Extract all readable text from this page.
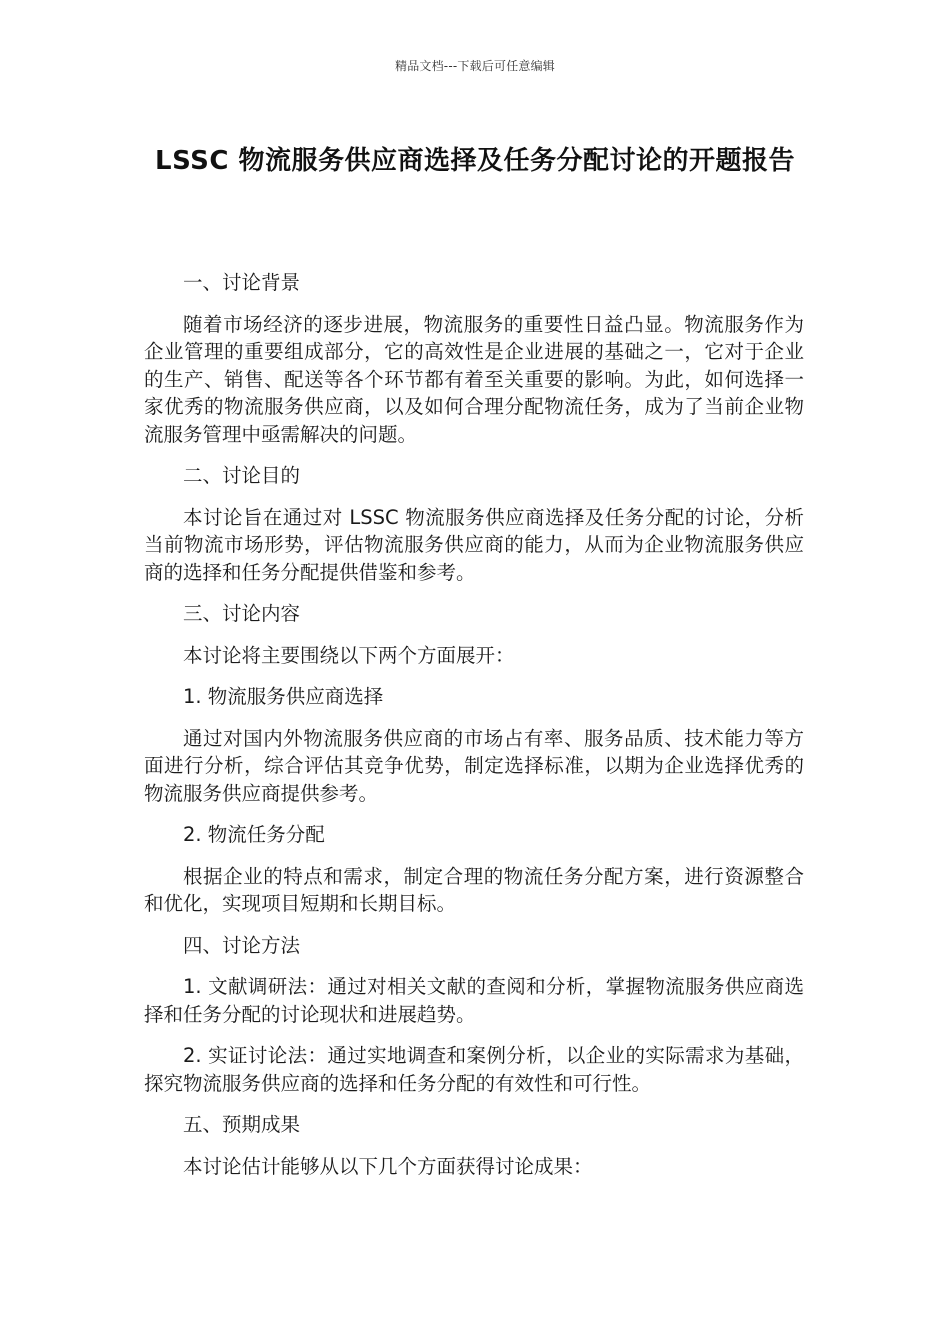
精品文档---下载后可任意编辑
LSSC 物流服务供应商选择及任务分配讨论的开题报告

一、讨论背景

随着市场经济的逐步进展，物流服务的重要性日益凸显。物流服务作为企业管理的重要组成部分，它的高效性是企业进展的基础之一，它对于企业的生产、销售、配送等各个环节都有着至关重要的影响。为此，如何选择一家优秀的物流服务供应商，以及如何合理分配物流任务，成为了当前企业物流服务管理中亟需解决的问题。

二、讨论目的

本讨论旨在通过对 LSSC 物流服务供应商选择及任务分配的讨论，分析当前物流市场形势，评估物流服务供应商的能力，从而为企业物流服务供应商的选择和任务分配提供借鉴和参考。

三、讨论内容

本讨论将主要围绕以下两个方面展开：

1. 物流服务供应商选择

通过对国内外物流服务供应商的市场占有率、服务品质、技术能力等方面进行分析，综合评估其竞争优势，制定选择标准，以期为企业选择优秀的物流服务供应商提供参考。

2. 物流任务分配

根据企业的特点和需求，制定合理的物流任务分配方案，进行资源整合和优化，实现项目短期和长期目标。

四、讨论方法

1. 文献调研法：通过对相关文献的查阅和分析，掌握物流服务供应商选择和任务分配的讨论现状和进展趋势。

2. 实证讨论法：通过实地调查和案例分析，以企业的实际需求为基础，探究物流服务供应商的选择和任务分配的有效性和可行性。

五、预期成果

本讨论估计能够从以下几个方面获得讨论成果：
